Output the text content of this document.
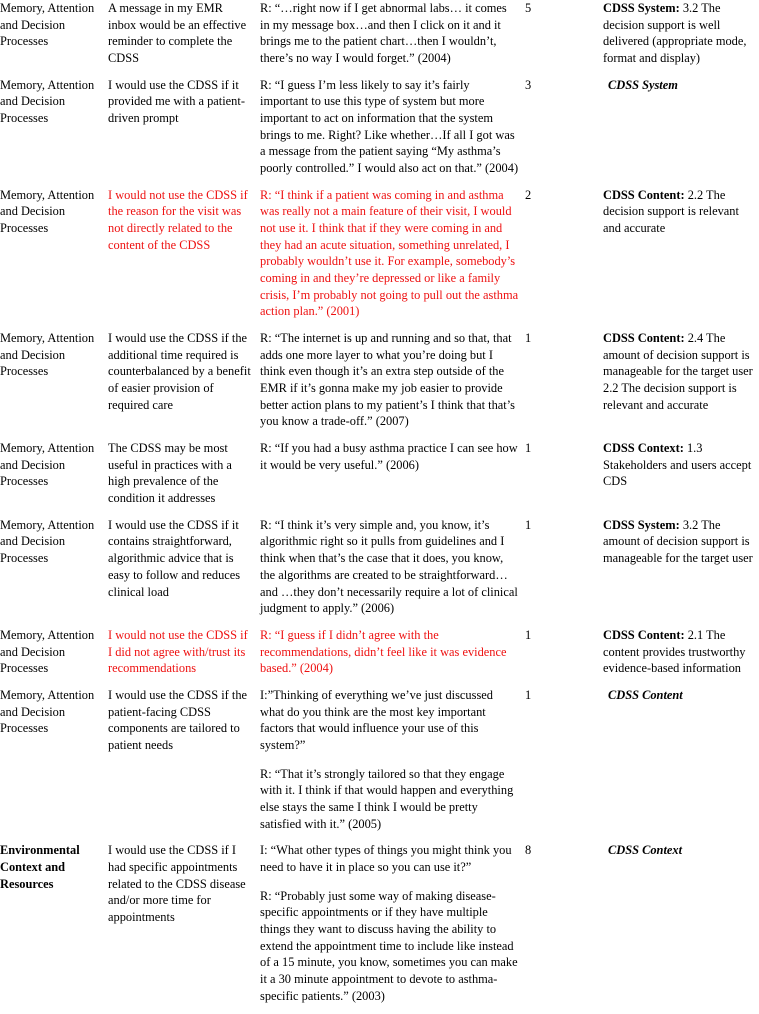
Memory, Attention and Decision Processes	A message in my EMR inbox would be an effective reminder to complete the CDSS	R: “…right now if I get abnormal labs… it comes in my message box…and then I click on it and it brings me to the patient chart…then I wouldn’t, there’s no way I would forget.” (2004)	5	CDSS System: 3.2 The decision support is well delivered (appropriate mode, format and display)
Memory, Attention and Decision Processes	I would use the CDSS if it provided me with a patient-driven prompt	R: “I guess I’m less likely to say it’s fairly important to use this type of system but more important to act on information that the system brings to me. Right? Like whether…If all I got was a message from the patient saying “My asthma’s poorly controlled.” I would also act on that.” (2004)	3	CDSS System
Memory, Attention and Decision Processes	I would not use the CDSS if the reason for the visit was not directly related to the content of the CDSS	R: “I think if a patient was coming in and asthma was really not a main feature of their visit, I would not use it. I think that if they were coming in and they had an acute situation, something unrelated, I probably wouldn’t use it. For example, somebody’s coming in and they’re depressed or like a family crisis, I’m probably not going to pull out the asthma action plan.” (2001)	2	CDSS Content: 2.2 The decision support is relevant and accurate
Memory, Attention and Decision Processes	I would use the CDSS if the additional time required is counterbalanced by a benefit of easier provision of required care	R: “The internet is up and running and so that, that adds one more layer to what you’re doing but I think even though it’s an extra step outside of the EMR if it’s gonna make my job easier to provide better action plans to my patient’s I think that that’s you know a trade-off.” (2007)	1	CDSS Content: 2.4 The amount of decision support is manageable for the target user 2.2 The decision support is relevant and accurate
Memory, Attention and Decision Processes	The CDSS may be most useful in practices with a high prevalence of the condition it addresses	R: “If you had a busy asthma practice I can see how it would be very useful.” (2006)	1	CDSS Context: 1.3 Stakeholders and users accept CDS
Memory, Attention and Decision Processes	I would use the CDSS if it contains straightforward, algorithmic advice that is easy to follow and reduces clinical load	R: “I think it’s very simple and, you know, it’s algorithmic right so it pulls from guidelines and I think when that’s the case that it does, you know, the algorithms are created to be straightforward…and …they don’t necessarily require a lot of clinical judgment to apply.” (2006)	1	CDSS System: 3.2 The amount of decision support is manageable for the target user
Memory, Attention and Decision Processes	I would not use the CDSS if I did not agree with/trust its recommendations	R: “I guess if I didn’t agree with the recommendations, didn’t feel like it was evidence based.” (2004)	1	CDSS Content: 2.1 The content provides trustworthy evidence-based information
Memory, Attention and Decision Processes	I would use the CDSS if the patient-facing CDSS components are tailored to patient needs	I:”Thinking of everything we’ve just discussed what do you think are the most key important factors that would influence your use of this system?”

R: “That it’s strongly tailored so that they engage with it. I think if that would happen and everything else stays the same I think I would be pretty satisfied with it.” (2005)	1	CDSS Content
Environmental Context and Resources	I would use the CDSS if I had specific appointments related to the CDSS disease and/or more time for appointments	I: “What other types of things you might think you need to have it in place so you can use it?”

R: “Probably just some way of making disease-specific appointments or if they have multiple things they want to discuss having the ability to extend the appointment time to include like instead of a 15 minute, you know, sometimes you can make it a 30 minute appointment to devote to asthma-specific patients.” (2003)	8	CDSS Context
